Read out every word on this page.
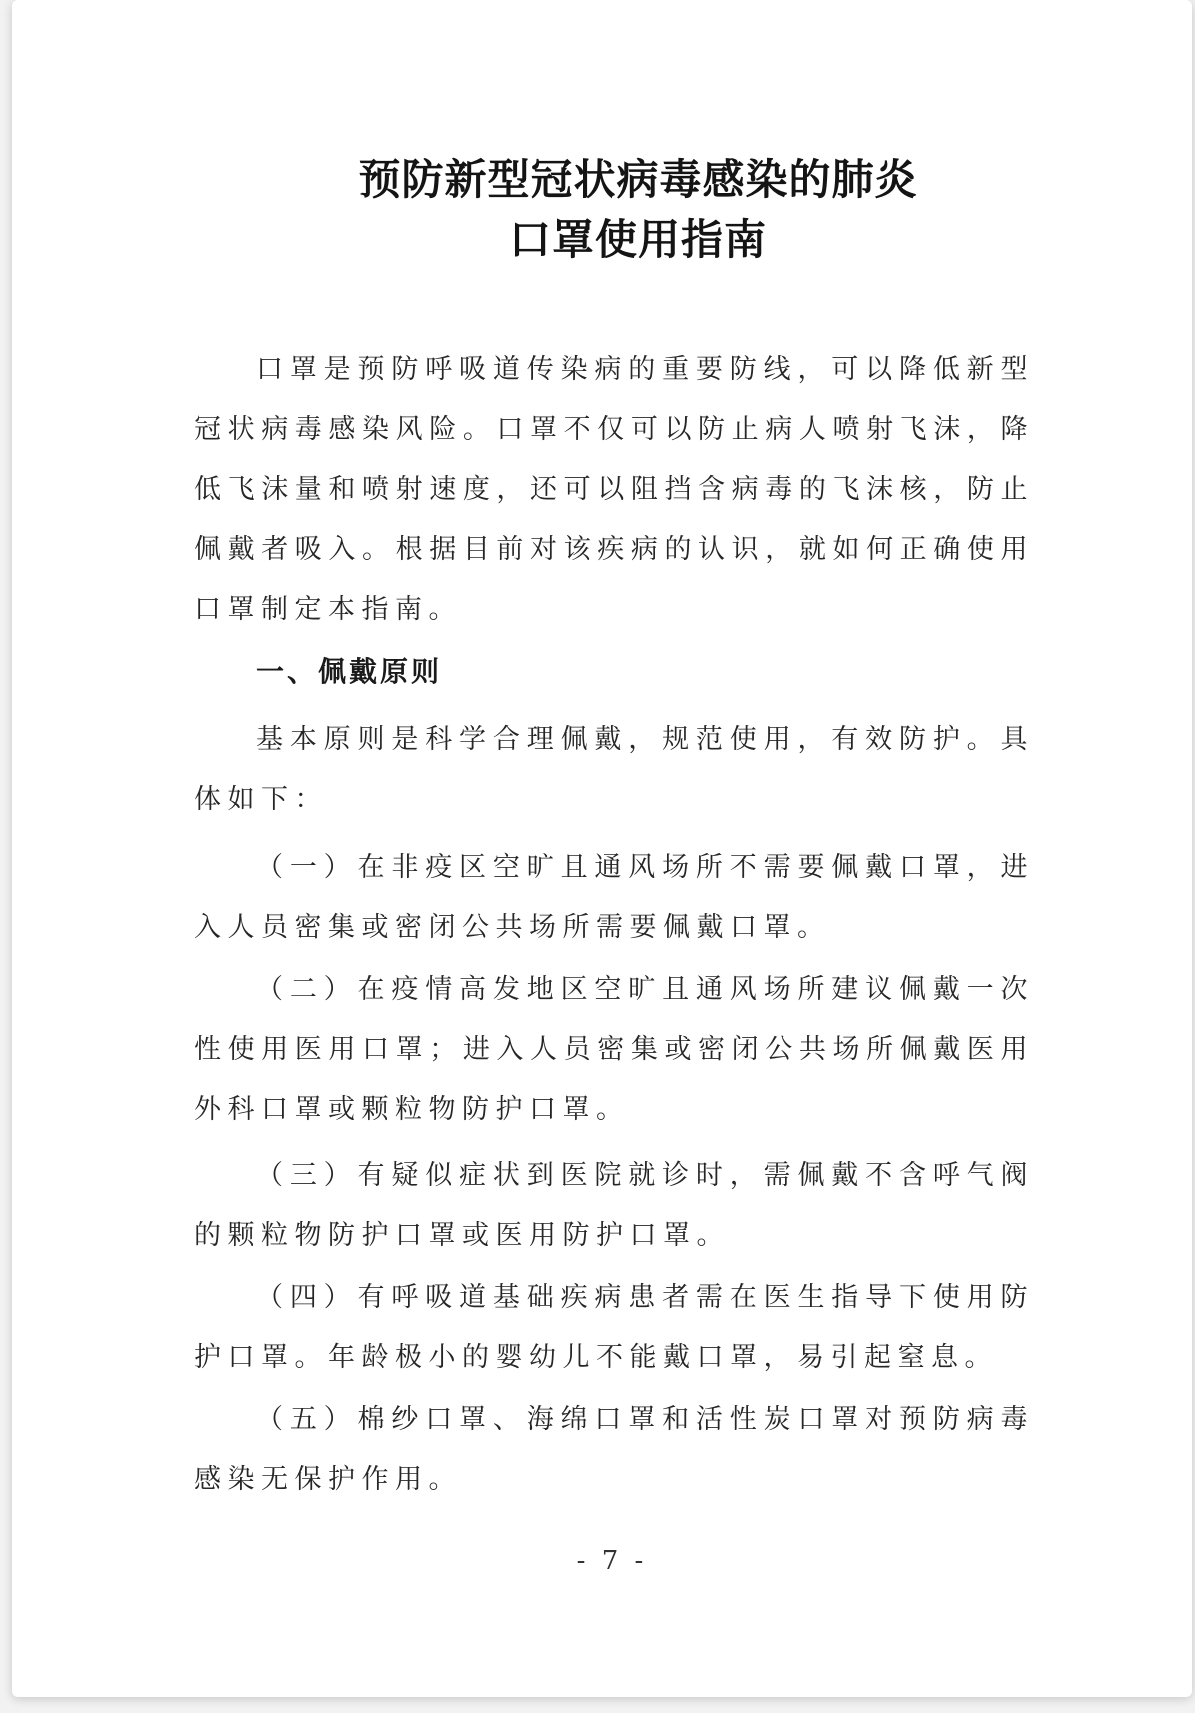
预防新型冠状病毒感染的肺炎
口罩使用指南

口罩是预防呼吸道传染病的重要防线，可以降低新型冠状病毒感染风险。口罩不仅可以防止病人喷射飞沫，降低飞沫量和喷射速度，还可以阻挡含病毒的飞沫核，防止佩戴者吸入。根据目前对该疾病的认识，就如何正确使用口罩制定本指南。

一、佩戴原则

基本原则是科学合理佩戴，规范使用，有效防护。具体如下：

（一）在非疫区空旷且通风场所不需要佩戴口罩，进入人员密集或密闭公共场所需要佩戴口罩。

（二）在疫情高发地区空旷且通风场所建议佩戴一次性使用医用口罩；进入人员密集或密闭公共场所佩戴医用外科口罩或颗粒物防护口罩。

（三）有疑似症状到医院就诊时，需佩戴不含呼气阀的颗粒物防护口罩或医用防护口罩。

（四）有呼吸道基础疾病患者需在医生指导下使用防护口罩。年龄极小的婴幼儿不能戴口罩，易引起窒息。

（五）棉纱口罩、海绵口罩和活性炭口罩对预防病毒感染无保护作用。

- 7 -
